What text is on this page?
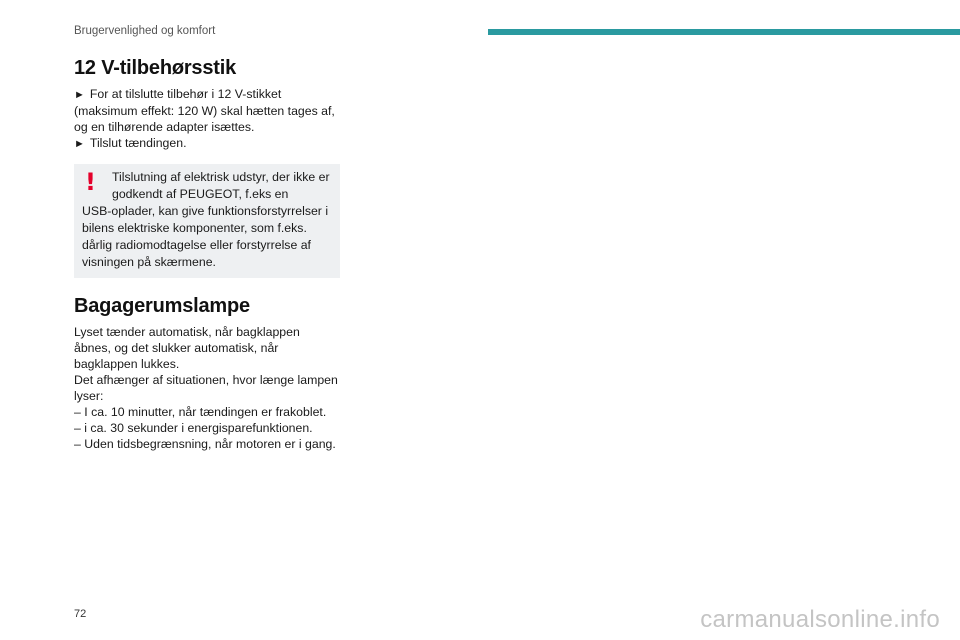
Brugervenlighed og komfort
12 V-tilbehørsstik

► For at tilslutte tilbehør i 12 V-stikket (maksimum effekt: 120 W) skal hætten tages af, og en tilhørende adapter isættes.

► Tilslut tændingen.

!	Tilslutning af elektrisk udstyr, der ikke er
godkendt af PEUGEOT, f.eks en
USB-oplader, kan give funktionsforstyrrelser i bilens elektriske komponenter, som f.eks. dårlig radiomodtagelse eller forstyrrelse af visningen på skærmene.
Bagagerumslampe

Lyset tænder automatisk, når bagklappen åbnes, og det slukker automatisk, når bagklappen lukkes.

Det afhænger af situationen, hvor længe lampen lyser:

– I ca. 10 minutter, når tændingen er frakoblet.
– i ca. 30 sekunder i energisparefunktionen.
– Uden tidsbegrænsning, når motoren er i gang.
72	carmanualsonline.info
